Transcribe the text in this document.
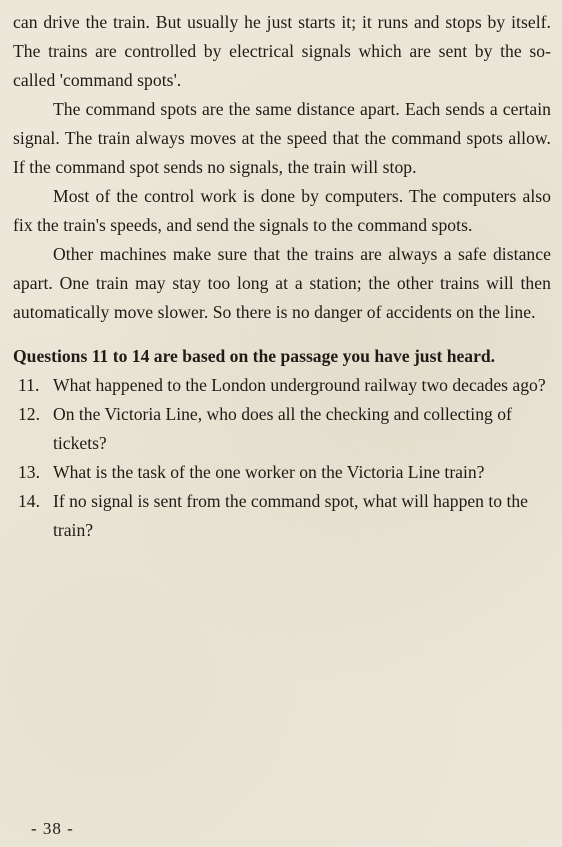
can drive the train. But usually he just starts it; it runs and stops by itself. The trains are controlled by electrical signals which are sent by the so-called 'command spots'.

The command spots are the same distance apart. Each sends a certain signal. The train always moves at the speed that the command spots allow. If the command spot sends no signals, the train will stop.

Most of the control work is done by computers. The computers also fix the train's speeds, and send the signals to the command spots.

Other machines make sure that the trains are always a safe distance apart. One train may stay too long at a station; the other trains will then automatically move slower. So there is no danger of accidents on the line.

Questions 11 to 14 are based on the passage you have just heard.

11. What happened to the London underground railway two decades ago?
12. On the Victoria Line, who does all the checking and collecting of tickets?
13. What is the task of the one worker on the Victoria Line train?
14. If no signal is sent from the command spot, what will happen to the train?
- 38 -
